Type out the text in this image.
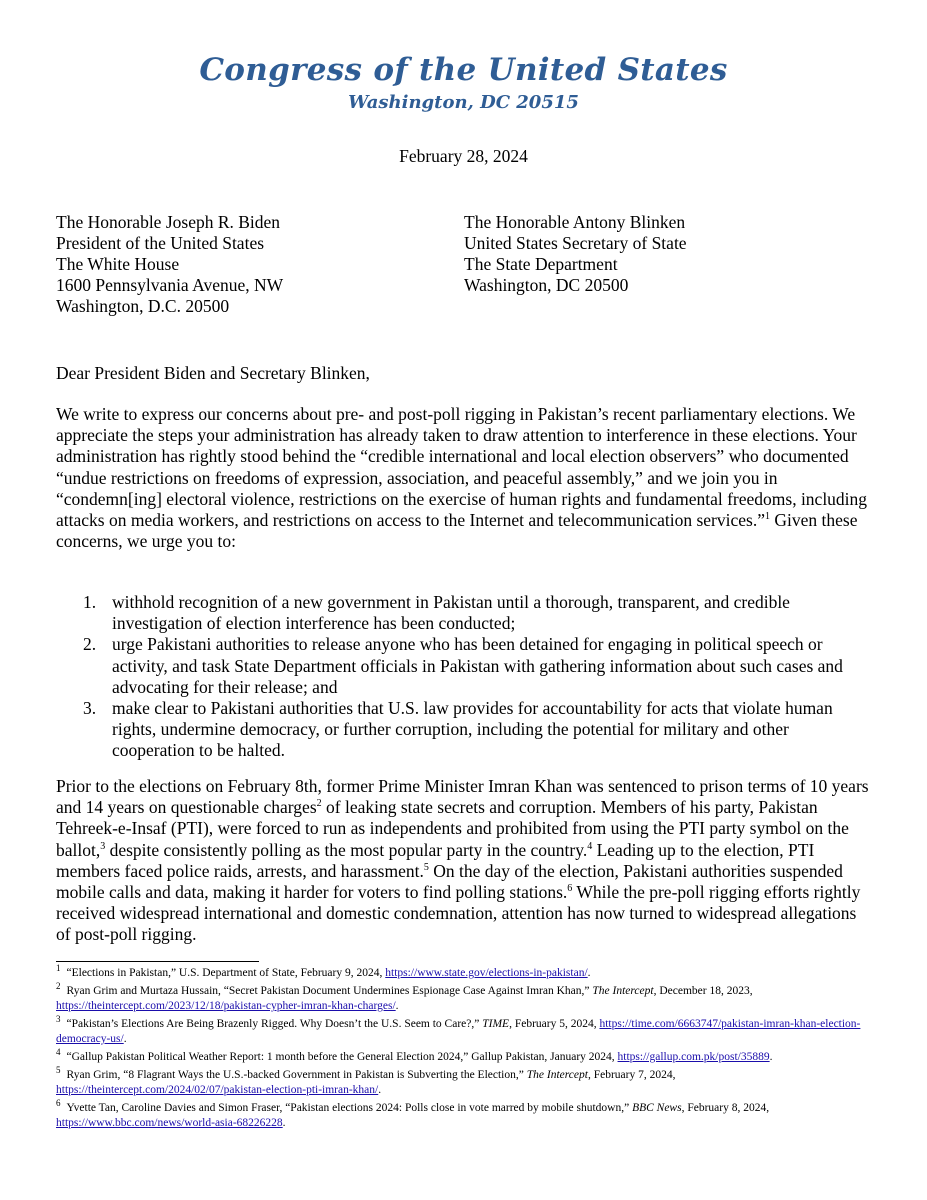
Congress of the United States
Washington, DC 20515
February 28, 2024
The Honorable Joseph R. Biden
President of the United States
The White House
1600 Pennsylvania Avenue, NW
Washington, D.C. 20500
The Honorable Antony Blinken
United States Secretary of State
The State Department
Washington, DC 20500
Dear President Biden and Secretary Blinken,

We write to express our concerns about pre- and post-poll rigging in Pakistan’s recent parliamentary elections. We appreciate the steps your administration has already taken to draw attention to interference in these elections. Your administration has rightly stood behind the “credible international and local election observers” who documented “undue restrictions on freedoms of expression, association, and peaceful assembly,” and we join you in “condemn[ing] electoral violence, restrictions on the exercise of human rights and fundamental freedoms, including attacks on media workers, and restrictions on access to the Internet and telecommunication services.”$^1$ Given these concerns, we urge you to:

1. withhold recognition of a new government in Pakistan until a thorough, transparent, and credible investigation of election interference has been conducted;
2. urge Pakistani authorities to release anyone who has been detained for engaging in political speech or activity, and task State Department officials in Pakistan with gathering information about such cases and advocating for their release; and
3. make clear to Pakistani authorities that U.S. law provides for accountability for acts that violate human rights, undermine democracy, or further corruption, including the potential for military and other cooperation to be halted.

Prior to the elections on February 8th, former Prime Minister Imran Khan was sentenced to prison terms of 10 years and 14 years on questionable charges$^2$ of leaking state secrets and corruption. Members of his party, Pakistan Tehreek-e-Insaf (PTI), were forced to run as independents and prohibited from using the PTI party symbol on the ballot,$^3$ despite consistently polling as the most popular party in the country.$^4$ Leading up to the election, PTI members faced police raids, arrests, and harassment.$^5$ On the day of the election, Pakistani authorities suspended mobile calls and data, making it harder for voters to find polling stations.$^6$ While the pre-poll rigging efforts rightly received widespread international and domestic condemnation, attention has now turned to widespread allegations of post-poll rigging.

$^1$ “Elections in Pakistan,” U.S. Department of State, February 9, 2024, https://www.state.gov/elections-in-pakistan/.
$^2$ Ryan Grim and Murtaza Hussain, “Secret Pakistan Document Undermines Espionage Case Against Imran Khan,” The Intercept, December 18, 2023, https://theintercept.com/2023/12/18/pakistan-cypher-imran-khan-charges/.
$^3$ “Pakistan’s Elections Are Being Brazenly Rigged. Why Doesn’t the U.S. Seem to Care?,” TIME, February 5, 2024, https://time.com/6663747/pakistan-imran-khan-election-democracy-us/.
$^4$ “Gallup Pakistan Political Weather Report: 1 month before the General Election 2024,” Gallup Pakistan, January 2024, https://gallup.com.pk/post/35889.
$^5$ Ryan Grim, “8 Flagrant Ways the U.S.-backed Government in Pakistan is Subverting the Election,” The Intercept, February 7, 2024, https://theintercept.com/2024/02/07/pakistan-election-pti-imran-khan/.
$^6$ Yvette Tan, Caroline Davies and Simon Fraser, “Pakistan elections 2024: Polls close in vote marred by mobile shutdown,” BBC News, February 8, 2024, https://www.bbc.com/news/world-asia-68226228.
